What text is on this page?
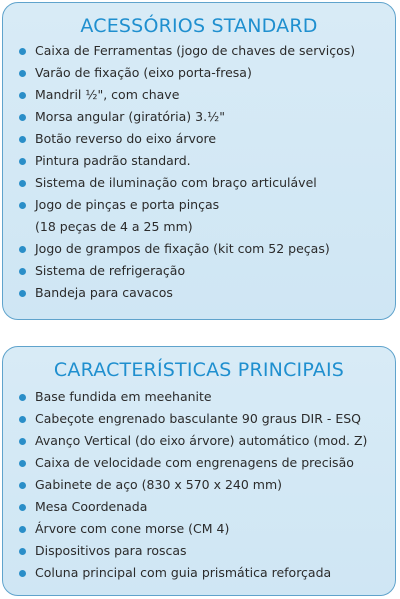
ACESSÓRIOS STANDARD
Caixa de Ferramentas (jogo de chaves de serviços)
Varão de fixação (eixo porta-fresa)
Mandril ½", com chave
Morsa angular (giratória) 3.½"
Botão reverso do eixo árvore
Pintura padrão standard.
Sistema de iluminação com braço articulável
Jogo de pinças e porta pinças
(18 peças de 4 a 25 mm)
Jogo de grampos de fixação (kit com 52 peças)
Sistema de refrigeração
Bandeja para cavacos
CARACTERÍSTICAS PRINCIPAIS
Base fundida em meehanite
Cabeçote engrenado basculante 90 graus DIR - ESQ
Avanço Vertical (do eixo árvore) automático (mod. Z)
Caixa de velocidade com engrenagens de precisão
Gabinete de aço (830 x 570 x 240 mm)
Mesa Coordenada
Árvore com cone morse (CM 4)
Dispositivos para roscas
Coluna principal com guia prismática reforçada
